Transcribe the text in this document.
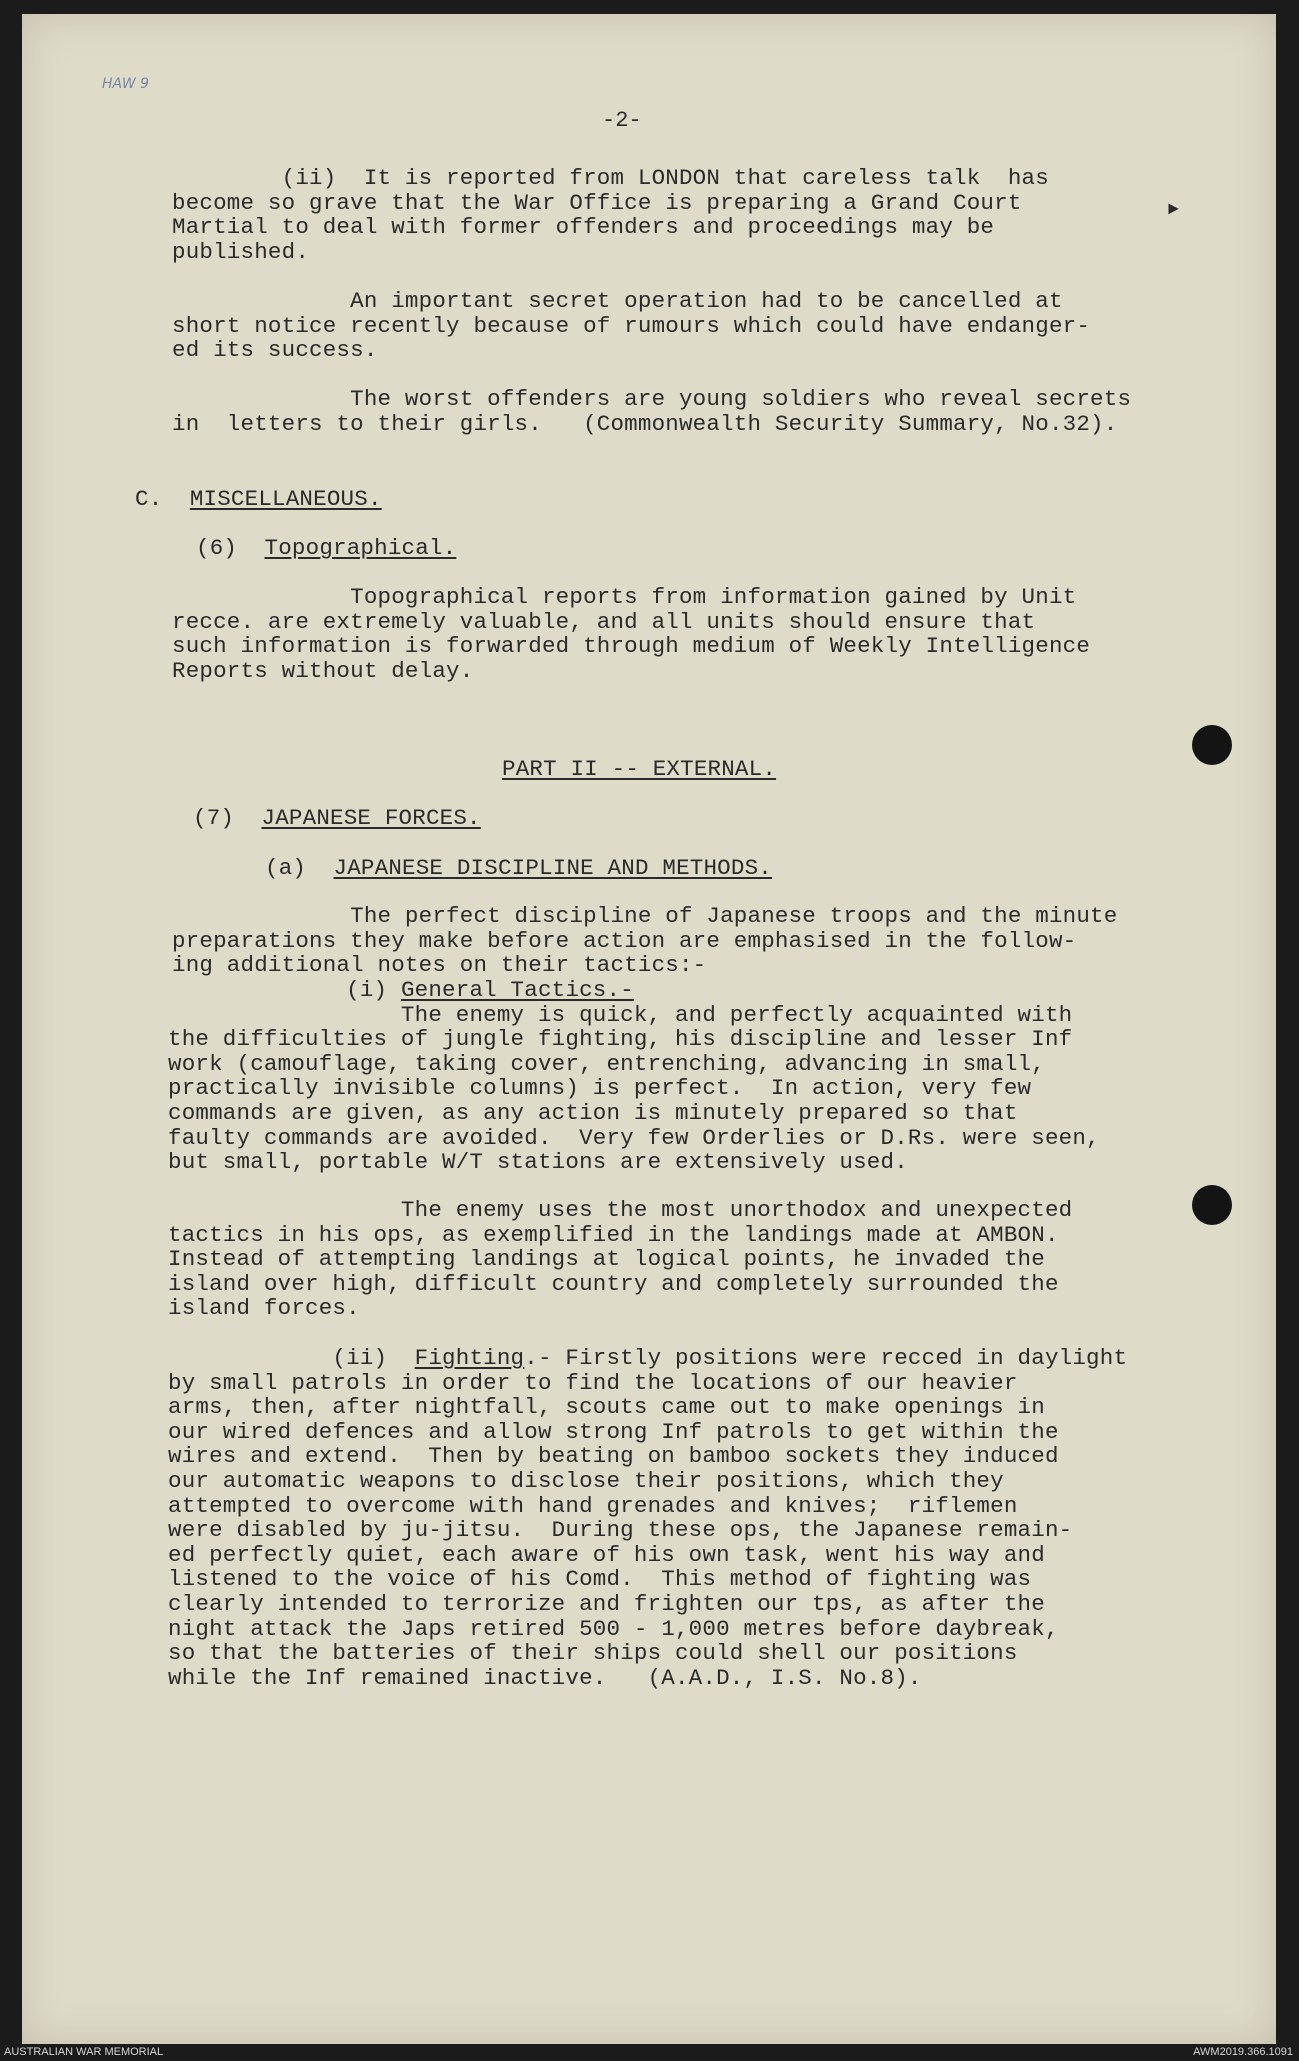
HAW 9
-2-
►
(ii)  It is reported from LONDON that careless talk  has
become so grave that the War Office is preparing a Grand Court
Martial to deal with former offenders and proceedings may be
published.
An important secret operation had to be cancelled at
short notice recently because of rumours which could have endanger-
ed its success.
The worst offenders are young soldiers who reveal secrets
in  letters to their girls.   (Commonwealth Security Summary, No.32).
C. MISCELLANEOUS.
(6) Topographical.
Topographical reports from information gained by Unit
recce. are extremely valuable, and all units should ensure that
such information is forwarded through medium of Weekly Intelligence
Reports without delay.
PART II -- EXTERNAL.
(7) JAPANESE FORCES.
(a) JAPANESE DISCIPLINE AND METHODS.
The perfect discipline of Japanese troops and the minute
preparations they make before action are emphasised in the follow-
ing additional notes on their tactics:-
(i) General Tactics.-
The enemy is quick, and perfectly acquainted with
the difficulties of jungle fighting, his discipline and lesser Inf
work (camouflage, taking cover, entrenching, advancing in small,
practically invisible columns) is perfect.  In action, very few
commands are given, as any action is minutely prepared so that
faulty commands are avoided.  Very few Orderlies or D.Rs. were seen,
but small, portable W/T stations are extensively used.
The enemy uses the most unorthodox and unexpected
tactics in his ops, as exemplified in the landings made at AMBON.
Instead of attempting landings at logical points, he invaded the
island over high, difficult country and completely surrounded the
island forces.
(ii)  Fighting.- Firstly positions were recced in daylight
by small patrols in order to find the locations of our heavier
arms, then, after nightfall, scouts came out to make openings in
our wired defences and allow strong Inf patrols to get within the
wires and extend.  Then by beating on bamboo sockets they induced
our automatic weapons to disclose their positions, which they
attempted to overcome with hand grenades and knives;  riflemen
were disabled by ju-jitsu.  During these ops, the Japanese remain-
ed perfectly quiet, each aware of his own task, went his way and
listened to the voice of his Comd.  This method of fighting was
clearly intended to terrorize and frighten our tps, as after the
night attack the Japs retired 500 - 1,000 metres before daybreak,
so that the batteries of their ships could shell our positions
while the Inf remained inactive.   (A.A.D., I.S. No.8).
AUSTRALIAN WAR MEMORIAL	AWM2019.366.1091
